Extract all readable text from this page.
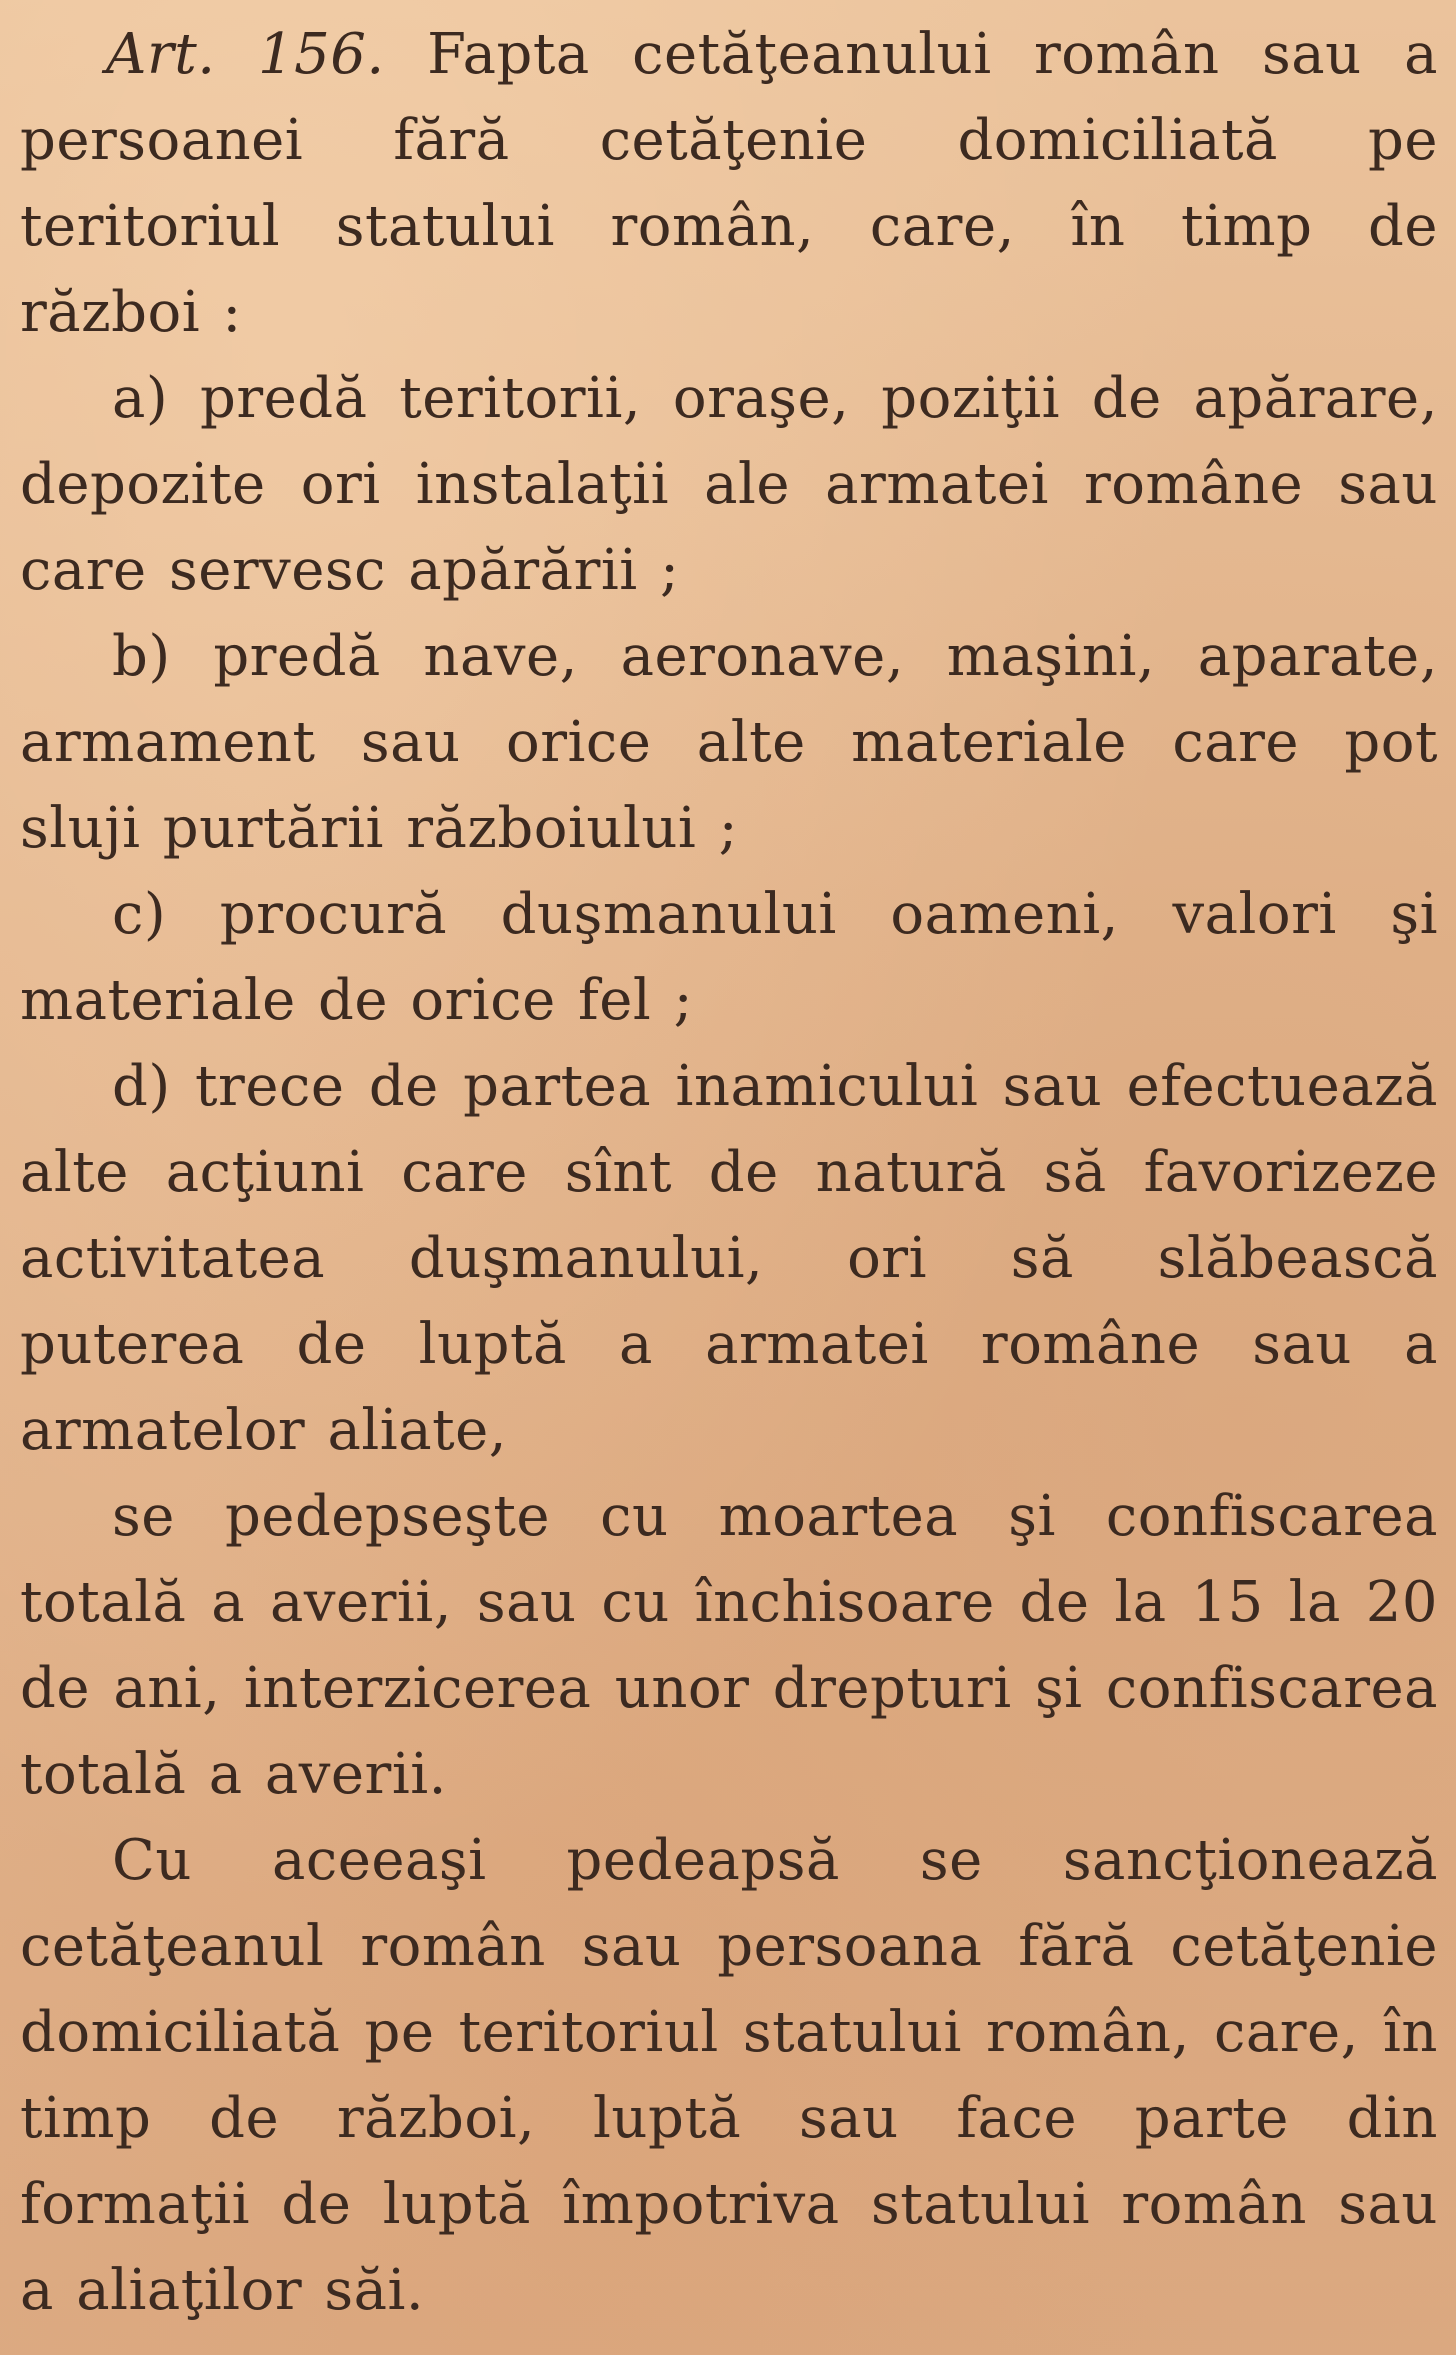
Art. 156. Fapta cetăţeanului român sau a persoanei fără cetăţenie domiciliată pe teritoriul statului român, care, în timp de război :

a) predă teritorii, oraşe, poziţii de apărare, depozite ori instalaţii ale armatei române sau care servesc apărării ;

b) predă nave, aeronave, maşini, aparate, armament sau orice alte materiale care pot sluji purtării războiului ;

c) procură duşmanului oameni, valori şi materiale de orice fel ;

d) trece de partea inamicului sau efectuează alte acţiuni care sînt de natură să favorizeze activitatea duşmanului, ori să slăbească puterea de luptă a armatei române sau a armatelor aliate,

se pedepseşte cu moartea şi confiscarea totală a averii, sau cu închisoare de la 15 la 20 de ani, interzicerea unor drepturi şi confiscarea totală a averii.

Cu aceeaşi pedeapsă se sancţionează cetăţeanul român sau persoana fără cetăţenie domiciliată pe teritoriul statului român, care, în timp de război, luptă sau face parte din formaţii de luptă împotriva statului român sau a aliaţilor săi.
